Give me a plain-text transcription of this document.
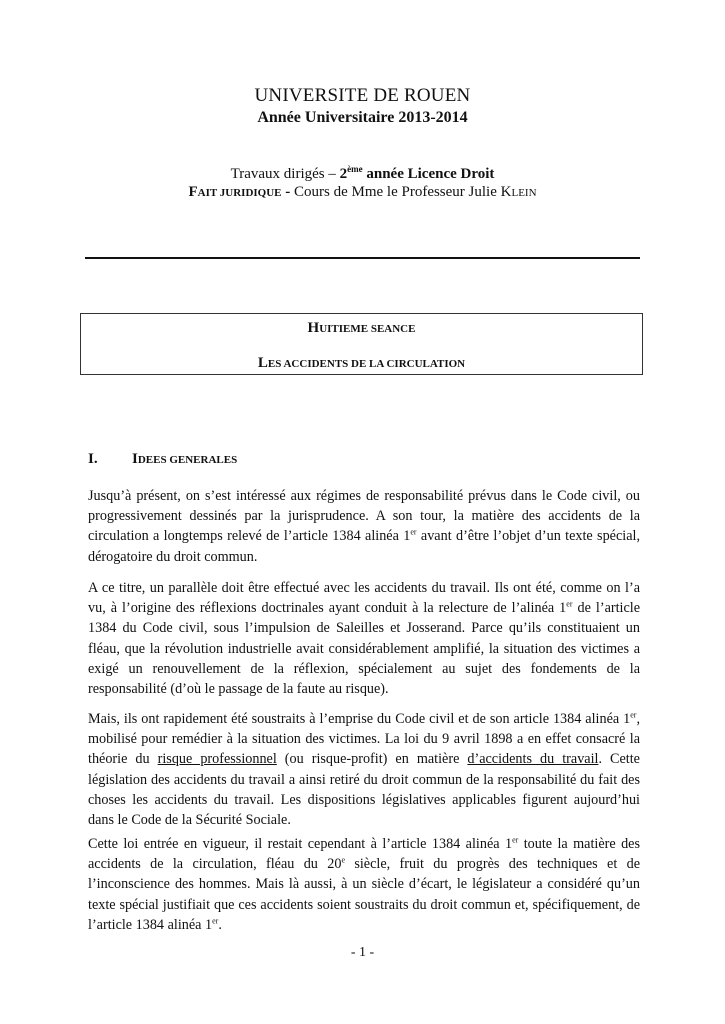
UNIVERSITE DE ROUEN
Année Universitaire 2013-2014
Travaux dirigés – 2ème année Licence Droit
FAIT JURIDIQUE - Cours de Mme le Professeur Julie KLEIN
HUITIEME SEANCE
LES ACCIDENTS DE LA CIRCULATION
I. IDEES GENERALES
Jusqu’à présent, on s’est intéressé aux régimes de responsabilité prévus dans le Code civil, ou progressivement dessinés par la jurisprudence. A son tour, la matière des accidents de la circulation a longtemps relevé de l’article 1384 alinéa 1er avant d’être l’objet d’un texte spécial, dérogatoire du droit commun.
A ce titre, un parallèle doit être effectué avec les accidents du travail. Ils ont été, comme on l’a vu, à l’origine des réflexions doctrinales ayant conduit à la relecture de l’alinéa 1er de l’article 1384 du Code civil, sous l’impulsion de Saleilles et Josserand. Parce qu’ils constituaient un fléau, que la révolution industrielle avait considérablement amplifié, la situation des victimes a exigé un renouvellement de la réflexion, spécialement au sujet des fondements de la responsabilité (d’où le passage de la faute au risque).
Mais, ils ont rapidement été soustraits à l’emprise du Code civil et de son article 1384 alinéa 1er, mobilisé pour remédier à la situation des victimes. La loi du 9 avril 1898 a en effet consacré la théorie du risque professionnel (ou risque-profit) en matière d’accidents du travail. Cette législation des accidents du travail a ainsi retiré du droit commun de la responsabilité du fait des choses les accidents du travail. Les dispositions législatives applicables figurent aujourd’hui dans le Code de la Sécurité Sociale.
Cette loi entrée en vigueur, il restait cependant à l’article 1384 alinéa 1er toute la matière des accidents de la circulation, fléau du 20e siècle, fruit du progrès des techniques et de l’inconscience des hommes. Mais là aussi, à un siècle d’écart, le législateur a considéré qu’un texte spécial justifiait que ces accidents soient soustraits du droit commun et, spécifiquement, de l’article 1384 alinéa 1er.
- 1 -
